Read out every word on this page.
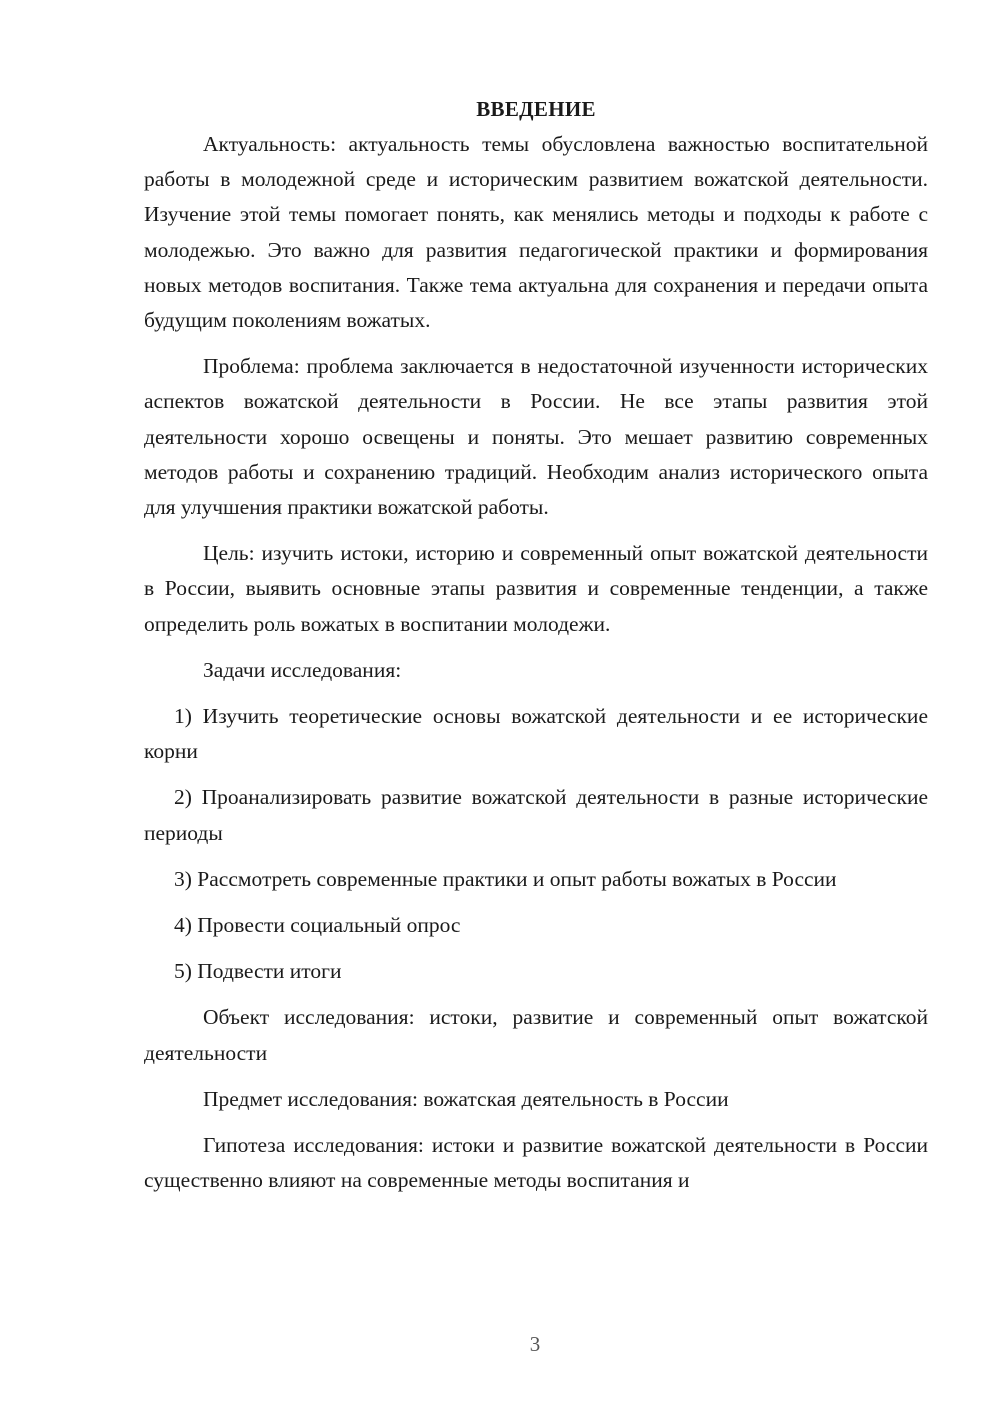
ВВЕДЕНИЕ

Актуальность: актуальность темы обусловлена важностью воспитательной работы в молодежной среде и историческим развитием вожатской деятельности. Изучение этой темы помогает понять, как менялись методы и подходы к работе с молодежью. Это важно для развития педагогической практики и формирования новых методов воспитания. Также тема актуальна для сохранения и передачи опыта будущим поколениям вожатых.

Проблема: проблема заключается в недостаточной изученности исторических аспектов вожатской деятельности в России. Не все этапы развития этой деятельности хорошо освещены и поняты. Это мешает развитию современных методов работы и сохранению традиций. Необходим анализ исторического опыта для улучшения практики вожатской работы.

Цель: изучить истоки, историю и современный опыт вожатской деятельности в России, выявить основные этапы развития и современные тенденции, а также определить роль вожатых в воспитании молодежи.

Задачи исследования:

1) Изучить теоретические основы вожатской деятельности и ее исторические корни

2) Проанализировать развитие вожатской деятельности в разные исторические периоды

3) Рассмотреть современные практики и опыт работы вожатых в России

4) Провести социальный опрос

5) Подвести итоги

Объект исследования: истоки, развитие и современный опыт вожатской деятельности

Предмет исследования: вожатская деятельность в России

Гипотеза исследования: истоки и развитие вожатской деятельности в России существенно влияют на современные методы воспитания и

3
